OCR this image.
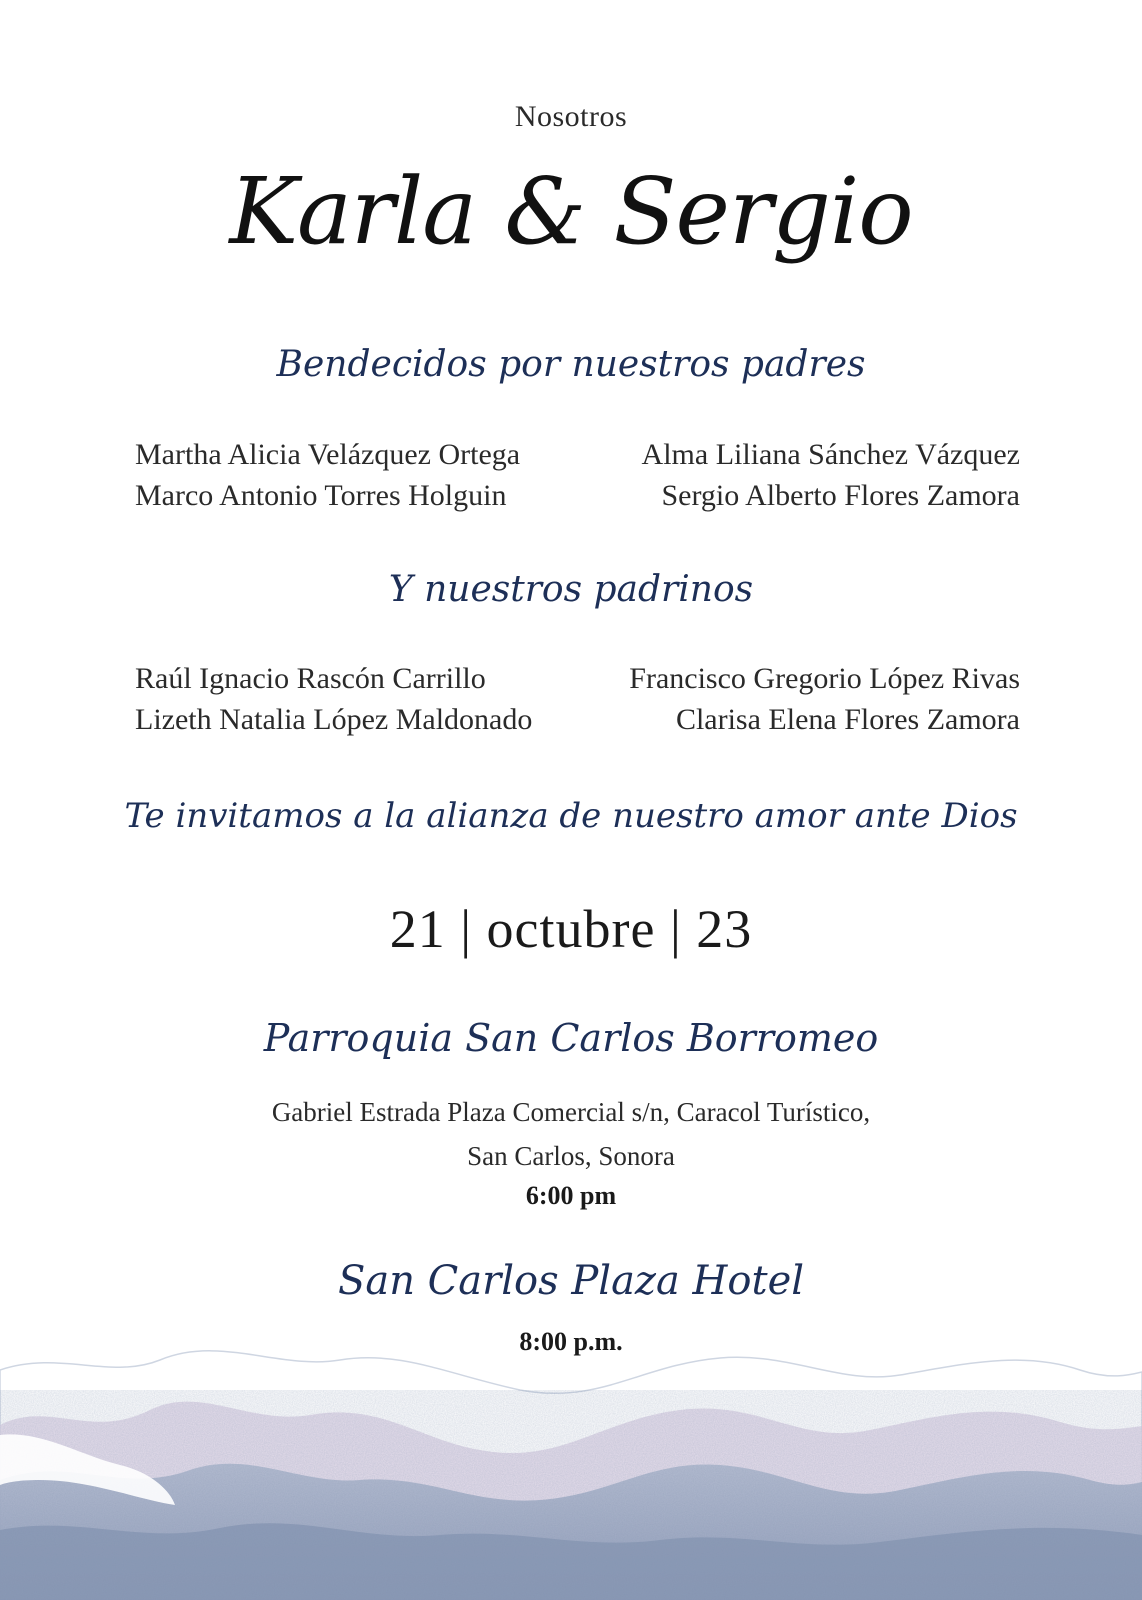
Nosotros
Karla & Sergio
Bendecidos por nuestros padres
Martha Alicia Velázquez Ortega
Marco Antonio Torres Holguin
Alma Liliana Sánchez Vázquez
Sergio Alberto Flores Zamora
Y nuestros padrinos
Raúl Ignacio Rascón Carrillo
Lizeth Natalia López Maldonado
Francisco Gregorio López Rivas
Clarisa Elena Flores Zamora
Te invitamos a la alianza de nuestro amor ante Dios
21 | octubre | 23
Parroquia San Carlos Borromeo
Gabriel Estrada Plaza Comercial s/n, Caracol Turístico,
San Carlos, Sonora
6:00 pm
San Carlos Plaza Hotel
8:00 p.m.
